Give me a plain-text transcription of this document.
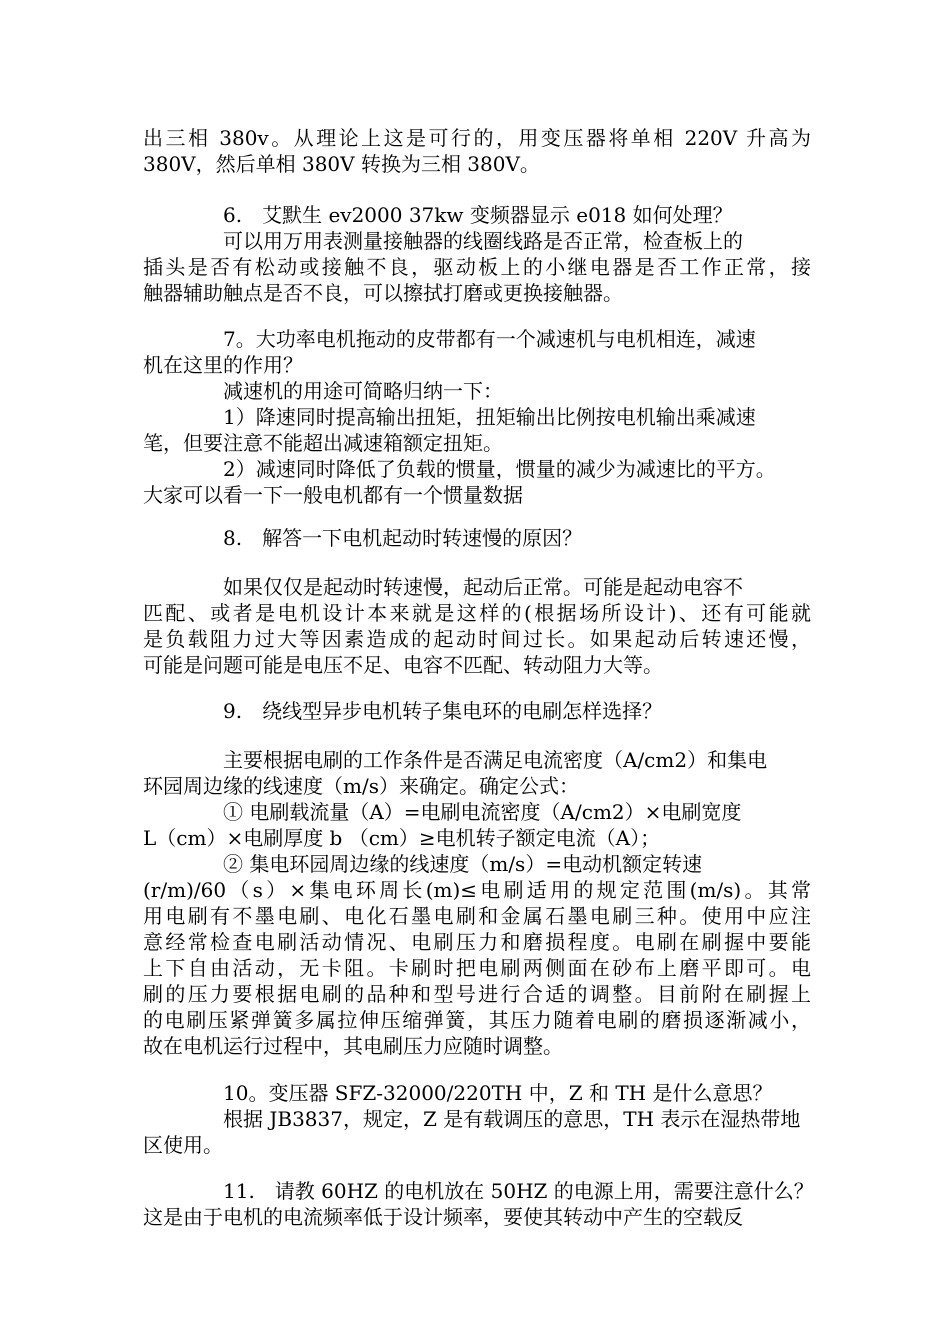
出三相 380v。从理论上这是可行的，用变压器将单相 220V 升高为
380V，然后单相 380V 转换为三相 380V。
6.　艾默生 ev2000 37kw 变频器显示 e018 如何处理？
可以用万用表测量接触器的线圈线路是否正常，检查板上的
插头是否有松动或接触不良，驱动板上的小继电器是否工作正常，接
触器辅助触点是否不良，可以擦拭打磨或更换接触器。
7。大功率电机拖动的皮带都有一个减速机与电机相连，减速
机在这里的作用？
减速机的用途可简略归纳一下：
1）降速同时提高输出扭矩，扭矩输出比例按电机输出乘减速
笔，但要注意不能超出减速箱额定扭矩。
2）减速同时降低了负载的惯量，惯量的减少为减速比的平方。
大家可以看一下一般电机都有一个惯量数据
8.　解答一下电机起动时转速慢的原因？
如果仅仅是起动时转速慢，起动后正常。可能是起动电容不
匹配、或者是电机设计本来就是这样的(根据场所设计)、还有可能就
是负载阻力过大等因素造成的起动时间过长。如果起动后转速还慢，
可能是问题可能是电压不足、电容不匹配、转动阻力大等。
9.　绕线型异步电机转子集电环的电刷怎样选择？
主要根据电刷的工作条件是否满足电流密度（A/cm2）和集电
环园周边缘的线速度（m/s）来确定。确定公式：
① 电刷载流量（A）=电刷电流密度（A/cm2）×电刷宽度
L（cm）×电刷厚度 b （cm）≥电机转子额定电流（A）；
② 集电环园周边缘的线速度（m/s）=电动机额定转速
(r/m)/60（s）×集电环周长(m)≤电刷适用的规定范围(m/s)。其常
用电刷有不墨电刷、电化石墨电刷和金属石墨电刷三种。使用中应注
意经常检查电刷活动情况、电刷压力和磨损程度。电刷在刷握中要能
上下自由活动，无卡阻。卡刷时把电刷两侧面在砂布上磨平即可。电
刷的压力要根据电刷的品种和型号进行合适的调整。目前附在刷握上
的电刷压紧弹簧多属拉伸压缩弹簧，其压力随着电刷的磨损逐渐减小，
故在电机运行过程中，其电刷压力应随时调整。
10。变压器 SFZ-32000/220TH 中，Z 和 TH 是什么意思？
根据 JB3837，规定，Z 是有载调压的意思，TH 表示在湿热带地
区使用。
11.　请教 60HZ 的电机放在 50HZ 的电源上用，需要注意什么？
这是由于电机的电流频率低于设计频率，要使其转动中产生的空载反
